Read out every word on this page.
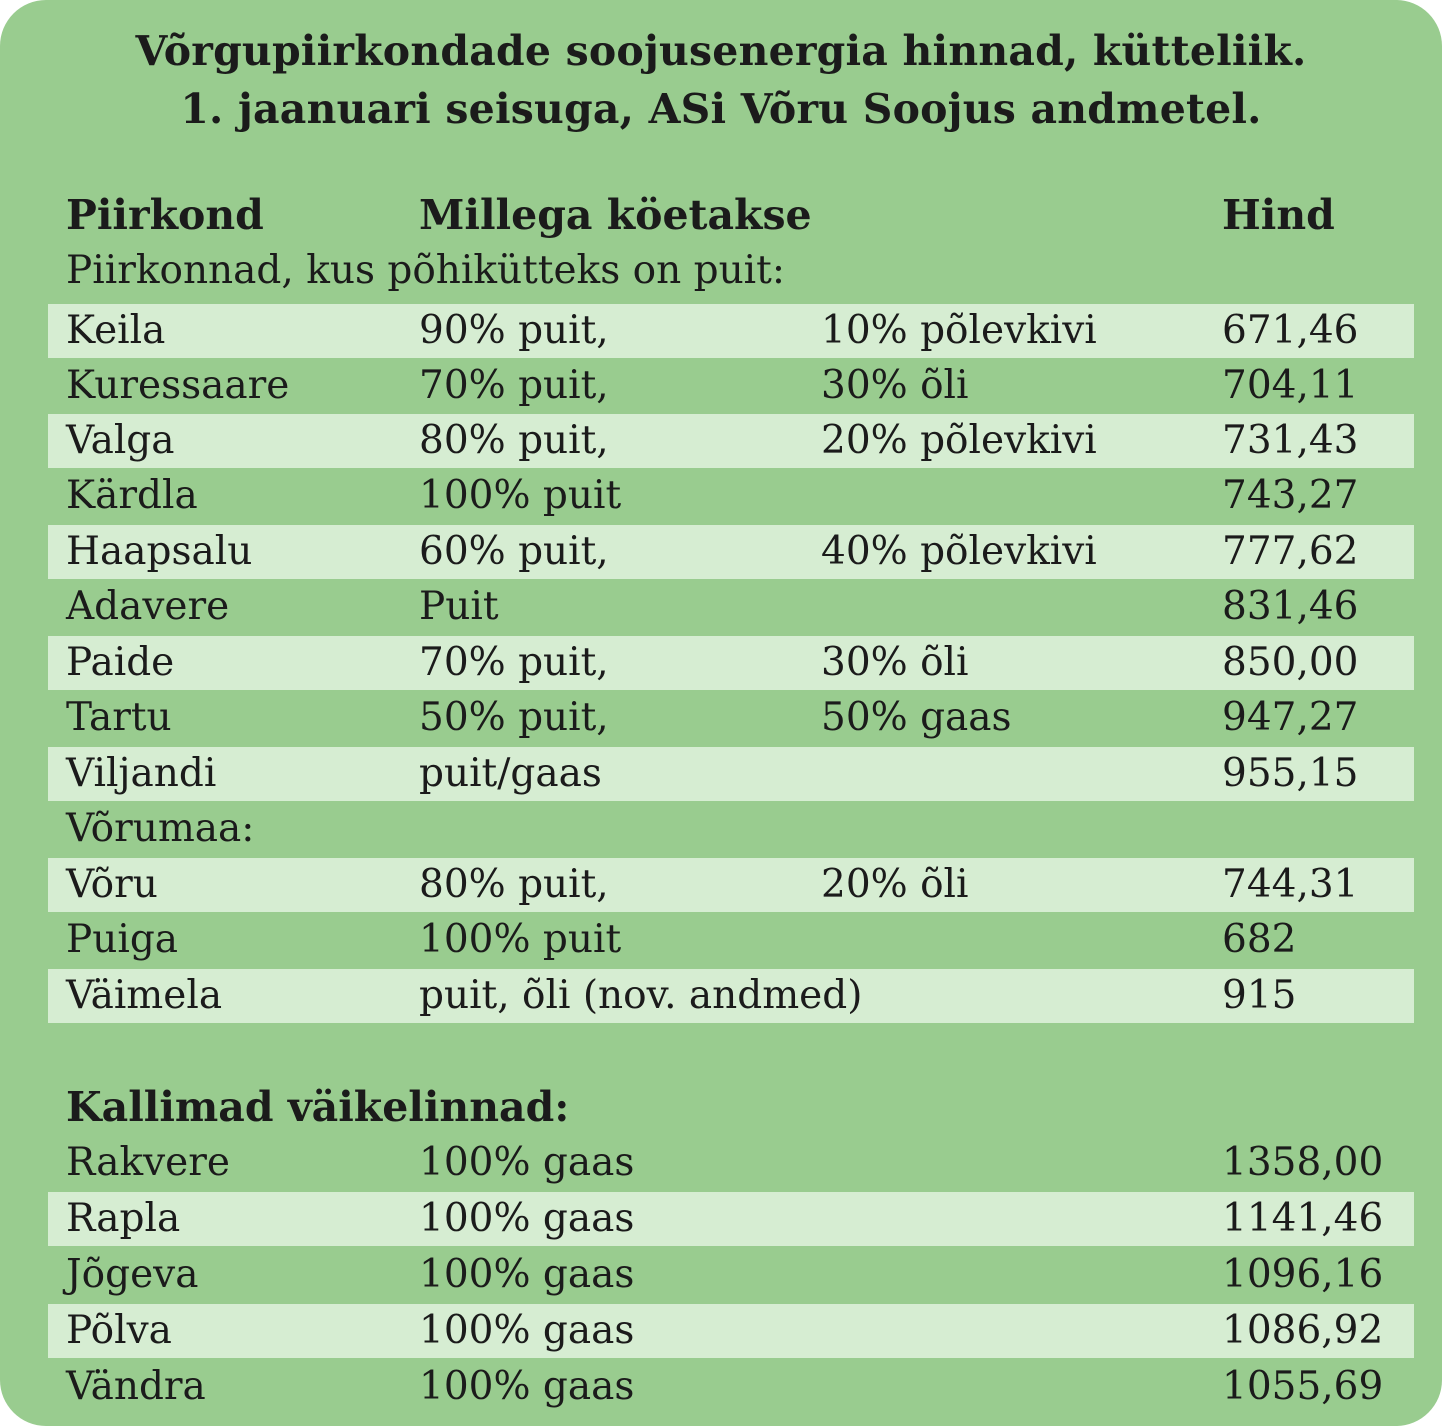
Võrgupiirkondade soojusenergia hinnad, kütteliik.
1. jaanuari seisuga, ASi Võru Soojus andmetel.
Piirkond	Millega köetakse	Hind
Piirkonnad, kus põhikütteks on puit:
Keila	90% puit,	10% põlevkivi	671,46
Kuressaare	70% puit,	30% õli	704,11
Valga	80% puit,	20% põlevkivi	731,43
Kärdla	100% puit	743,27
Haapsalu	60% puit,	40% põlevkivi	777,62
Adavere	Puit	831,46
Paide	70% puit,	30% õli	850,00
Tartu	50% puit,	50% gaas	947,27
Viljandi	puit/gaas	955,15
Võrumaa:
Võru	80% puit,	20% õli	744,31
Puiga	100% puit	682
Väimela	puit, õli (nov. andmed)	915
Kallimad väikelinnad:
Rakvere	100% gaas	1358,00
Rapla	100% gaas	1141,46
Jõgeva	100% gaas	1096,16
Põlva	100% gaas	1086,92
Vändra	100% gaas	1055,69
